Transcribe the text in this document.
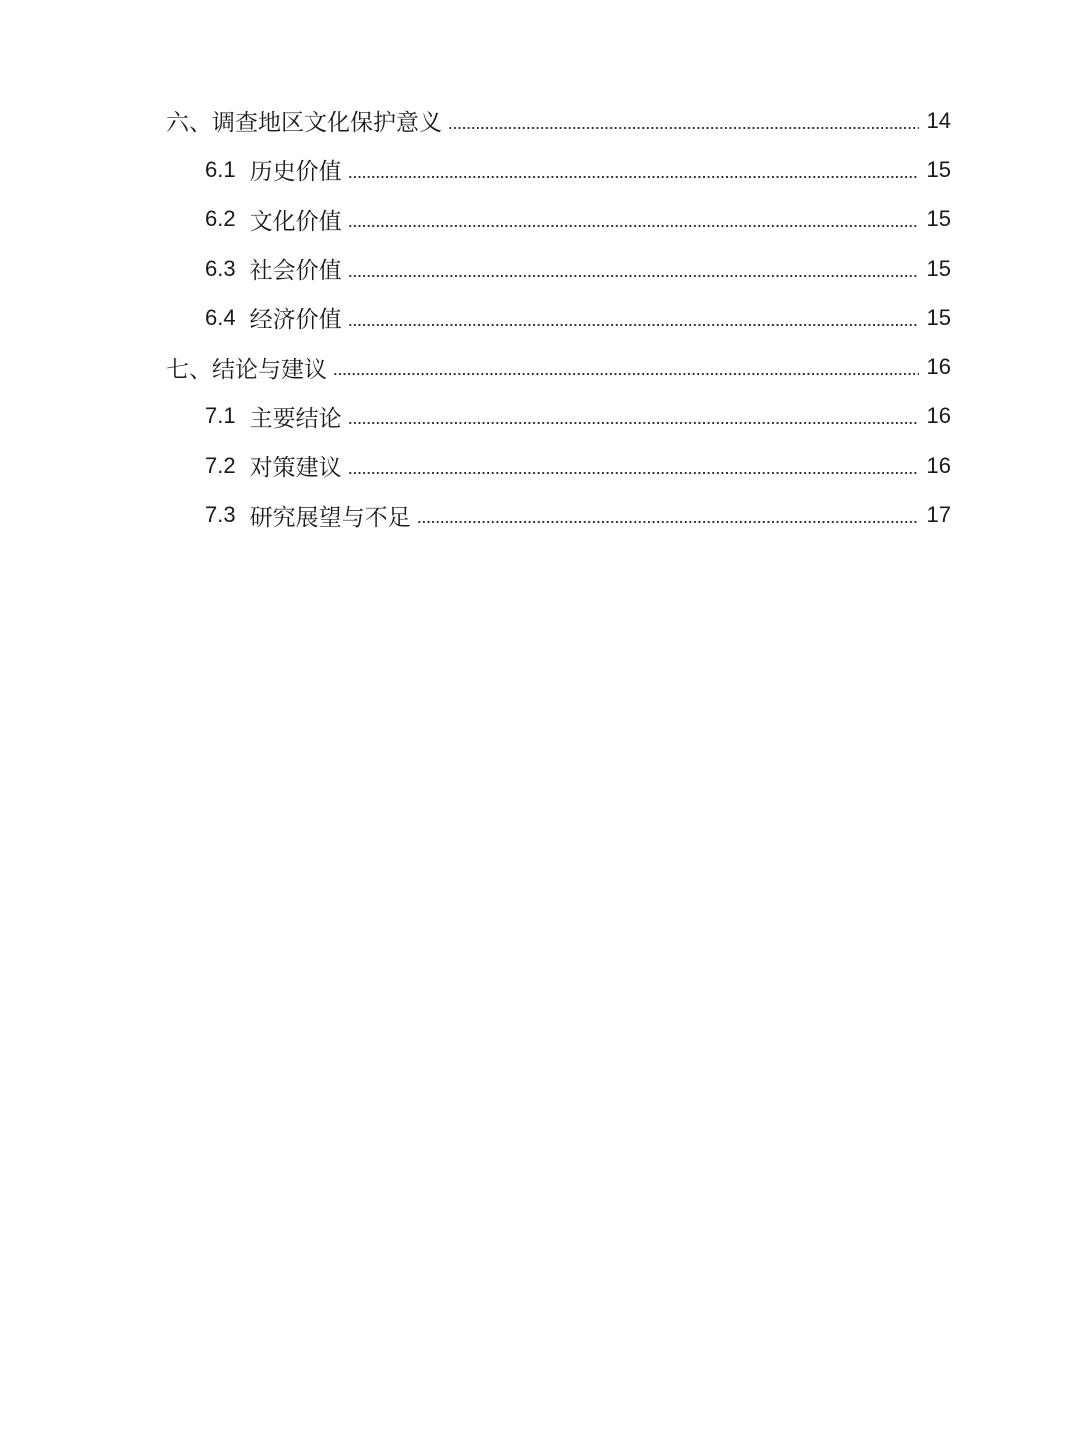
六、调查地区文化保护意义	14
6.1 历史价值	15
6.2 文化价值	15
6.3 社会价值	15
6.4 经济价值	15
七、结论与建议	16
7.1 主要结论	16
7.2 对策建议	16
7.3 研究展望与不足	17
